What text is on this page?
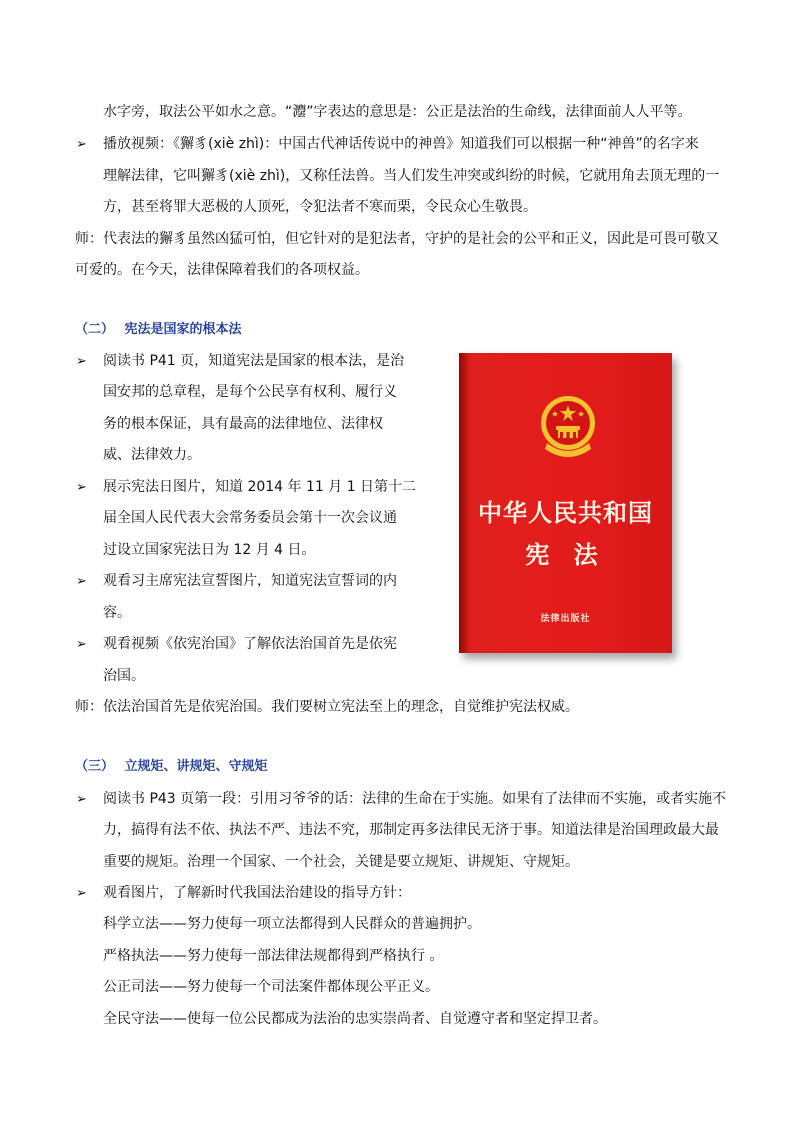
水字旁，取法公平如水之意。“灋”字表达的意思是：公正是法治的生命线，法律面前人人平等。
➢ 播放视频：《獬豸(xiè zhì)：中国古代神话传说中的神兽》知道我们可以根据一种“神兽”的名字来
理解法律，它叫獬豸(xiè zhì)，又称任法兽。当人们发生冲突或纠纷的时候，它就用角去顶无理的一
方，甚至将罪大恶极的人顶死，令犯法者不寒而栗，令民众心生敬畏。
师：代表法的獬豸虽然凶猛可怕，但它针对的是犯法者，守护的是社会的公平和正义，因此是可畏可敬又
可爱的。在今天，法律保障着我们的各项权益。
（二） 宪法是国家的根本法
➢ 阅读书 P41 页，知道宪法是国家的根本法，是治
国安邦的总章程，是每个公民享有权利、履行义
务的根本保证，具有最高的法律地位、法律权
威、法律效力。
➢ 展示宪法日图片，知道 2014 年 11 月 1 日第十二
届全国人民代表大会常务委员会第十一次会议通
过设立国家宪法日为 12 月 4 日。
➢ 观看习主席宪法宣誓图片，知道宪法宣誓词的内
容。
➢ 观看视频《依宪治国》了解依法治国首先是依宪
治国。
中华人民共和国
宪 法
法律出版社
师：依法治国首先是依宪治国。我们要树立宪法至上的理念，自觉维护宪法权威。
（三） 立规矩、讲规矩、守规矩
➢ 阅读书 P43 页第一段：引用习爷爷的话：法律的生命在于实施。如果有了法律而不实施，或者实施不
力，搞得有法不依、执法不严、违法不究，那制定再多法律民无济于事。知道法律是治国理政最大最
重要的规矩。治理一个国家、一个社会，关键是要立规矩、讲规矩、守规矩。
➢ 观看图片，了解新时代我国法治建设的指导方针：
科学立法——努力使每一项立法都得到人民群众的普遍拥护。
严格执法——努力使每一部法律法规都得到严格执行 。
公正司法——努力使每一个司法案件都体现公平正义。
全民守法——使每一位公民都成为法治的忠实崇尚者、自觉遵守者和坚定捍卫者。
